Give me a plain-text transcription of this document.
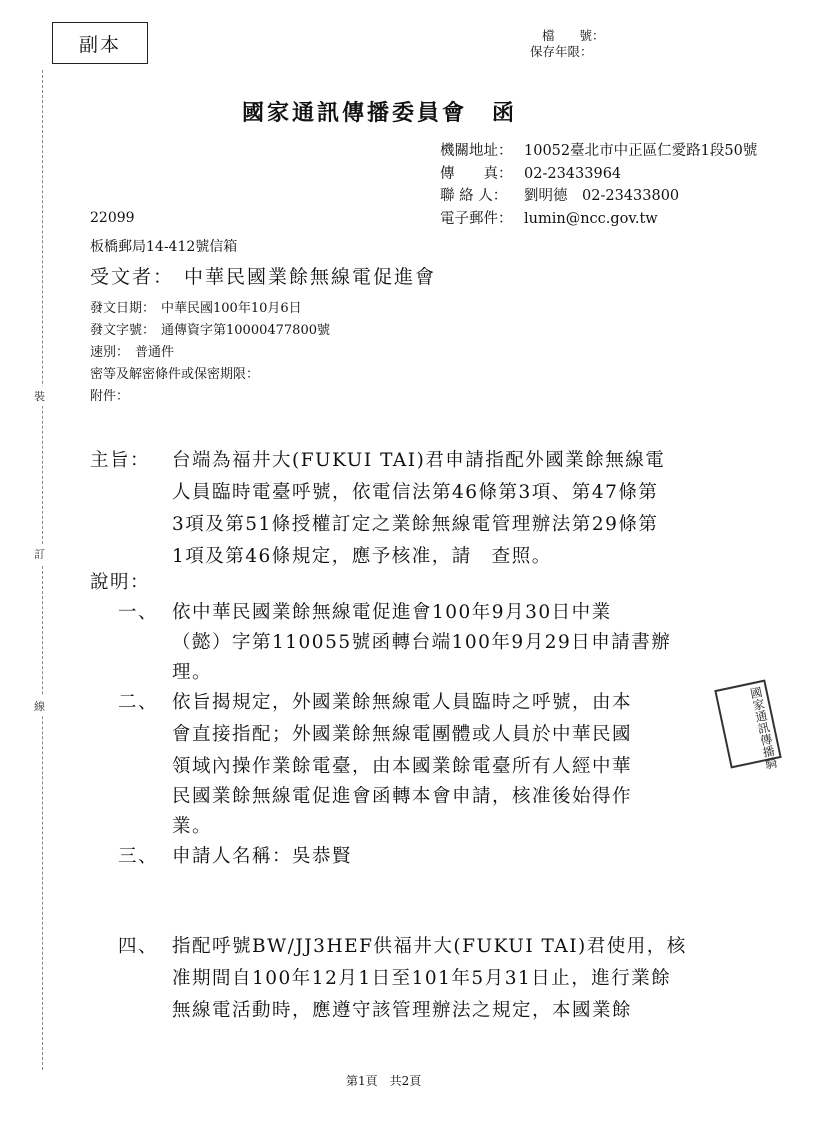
裝
訂
線
副本	檔　　號：
保存年限：
國家通訊傳播委員會　函
機關地址： 10052臺北市中正區仁愛路1段50號
傳　　真： 02-23433964
聯 絡 人： 劉明德　02-23433800
電子郵件： lumin@ncc.gov.tw
22099
板橋郵局14-412號信箱
受文者： 中華民國業餘無線電促進會
發文日期： 中華民國100年10月6日
發文字號： 通傳資字第10000477800號
速別： 普通件
密等及解密條件或保密期限：
附件：
主旨： 台端為福井大(FUKUI TAI)君申請指配外國業餘無線電
人員臨時電臺呼號，依電信法第46條第3項、第47條第
3項及第51條授權訂定之業餘無線電管理辦法第29條第
1項及第46條規定，應予核准，請　查照。
說明：
一、 依中華民國業餘無線電促進會100年9月30日中業
（懿）字第110055號函轉台端100年9月29日申請書辦
理。
二、 依旨揭規定，外國業餘無線電人員臨時之呼號，由本
會直接指配；外國業餘無線電團體或人員於中華民國
領域內操作業餘電臺，由本國業餘電臺所有人經中華
民國業餘無線電促進會函轉本會申請，核准後始得作
業。
三、 申請人名稱：吳恭賢
四、 指配呼號BW/JJ3HEF供福井大(FUKUI TAI)君使用，核
准期間自100年12月1日至101年5月31日止，進行業餘
無線電活動時，應遵守該管理辦法之規定，本國業餘
國家通訊傳播騎
第1頁　共2頁
